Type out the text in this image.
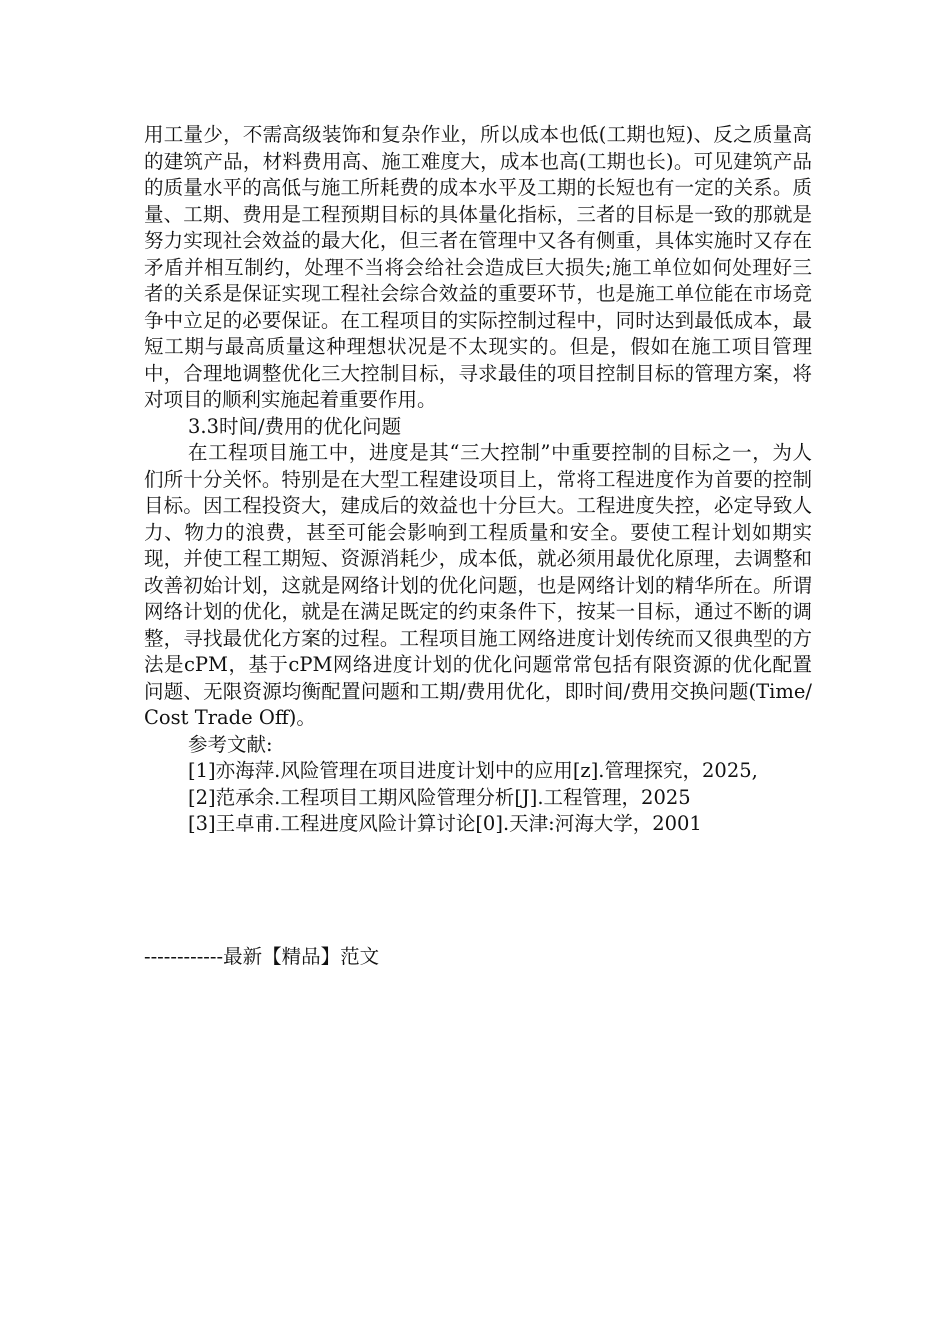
用工量少，不需高级装饰和复杂作业，所以成本也低(工期也短)、反之质量高的建筑产品，材料费用高、施工难度大，成本也高(工期也长)。可见建筑产品的质量水平的高低与施工所耗费的成本水平及工期的长短也有一定的关系。质量、工期、费用是工程预期目标的具体量化指标，三者的目标是一致的那就是努力实现社会效益的最大化，但三者在管理中又各有侧重，具体实施时又存在矛盾并相互制约，处理不当将会给社会造成巨大损失;施工单位如何处理好三者的关系是保证实现工程社会综合效益的重要环节，也是施工单位能在市场竞争中立足的必要保证。在工程项目的实际控制过程中，同时达到最低成本，最短工期与最高质量这种理想状况是不太现实的。但是，假如在施工项目管理中，合理地调整优化三大控制目标，寻求最佳的项目控制目标的管理方案，将对项目的顺利实施起着重要作用。

3.3时间/费用的优化问题

在工程项目施工中，进度是其“三大控制”中重要控制的目标之一，为人们所十分关怀。特别是在大型工程建设项目上，常将工程进度作为首要的控制目标。因工程投资大，建成后的效益也十分巨大。工程进度失控，必定导致人力、物力的浪费，甚至可能会影响到工程质量和安全。要使工程计划如期实现，并使工程工期短、资源消耗少，成本低，就必须用最优化原理，去调整和改善初始计划，这就是网络计划的优化问题，也是网络计划的精华所在。所谓网络计划的优化，就是在满足既定的约束条件下，按某一目标，通过不断的调整，寻找最优化方案的过程。工程项目施工网络进度计划传统而又很典型的方法是cPM，基于cPM网络进度计划的优化问题常常包括有限资源的优化配置问题、无限资源均衡配置问题和工期/费用优化，即时间/费用交换问题(Time/Cost Trade Off)。

参考文献:

[1]亦海萍.风险管理在项目进度计划中的应用[z].管理探究，2025,

[2]范承余.工程项目工期风险管理分析[J].工程管理，2025

[3]王卓甫.工程进度风险计算讨论[0].天津:河海大学，2001

------------最新【精品】范文
